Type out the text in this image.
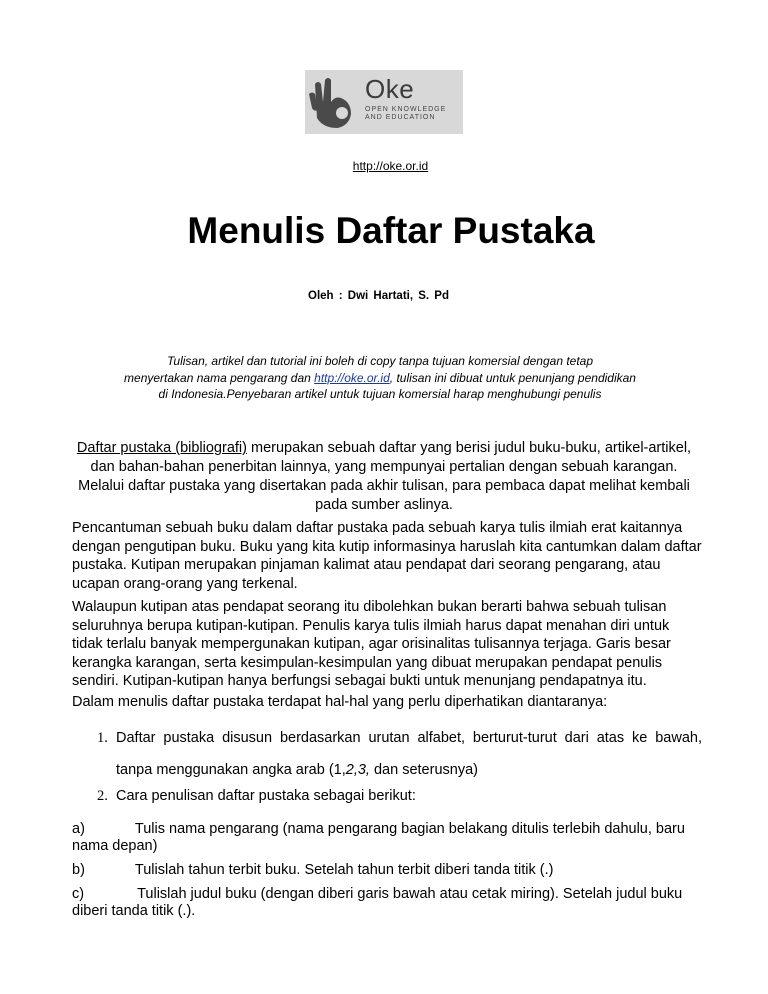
Oke
OPEN KNOWLEDGE
AND EDUCATION
http://oke.or.id
Menulis Daftar Pustaka
Oleh : Dwi Hartati, S. Pd
Tulisan, artikel dan tutorial ini boleh di copy tanpa tujuan komersial dengan tetap
menyertakan nama pengarang dan http://oke.or.id, tulisan ini dibuat untuk penunjang pendidikan
di Indonesia.Penyebaran artikel untuk tujuan komersial harap menghubungi penulis
Daftar pustaka (bibliografi) merupakan sebuah daftar yang berisi judul buku-buku, artikel-artikel, dan bahan-bahan penerbitan lainnya, yang mempunyai pertalian dengan sebuah karangan. Melalui daftar pustaka yang disertakan pada akhir tulisan, para pembaca dapat melihat kembali pada sumber aslinya.
Pencantuman sebuah buku dalam daftar pustaka pada sebuah karya tulis ilmiah erat kaitannya dengan pengutipan buku. Buku yang kita kutip informasinya haruslah kita cantumkan dalam daftar pustaka. Kutipan merupakan pinjaman kalimat atau pendapat dari seorang pengarang, atau ucapan orang-orang yang terkenal.
Walaupun kutipan atas pendapat seorang itu dibolehkan bukan berarti bahwa sebuah tulisan seluruhnya berupa kutipan-kutipan. Penulis karya tulis ilmiah harus dapat menahan diri untuk tidak terlalu banyak mempergunakan kutipan, agar orisinalitas tulisannya terjaga. Garis besar kerangka karangan, serta kesimpulan-kesimpulan yang dibuat merupakan pendapat penulis sendiri. Kutipan-kutipan hanya berfungsi sebagai bukti untuk menunjang pendapatnya itu.
Dalam menulis daftar pustaka terdapat hal-hal yang perlu diperhatikan diantaranya:
1. Daftar pustaka disusun berdasarkan urutan alfabet, berturut-turut dari atas ke bawah, tanpa menggunakan angka arab (1,2,3, dan seterusnya)
2. Cara penulisan daftar pustaka sebagai berikut:
a)	Tulis nama pengarang (nama pengarang bagian belakang ditulis terlebih dahulu, baru nama depan)
b)	Tulislah tahun terbit buku. Setelah tahun terbit diberi tanda titik (.)
c)	Tulislah judul buku (dengan diberi garis bawah atau cetak miring). Setelah judul buku diberi tanda titik (.).
